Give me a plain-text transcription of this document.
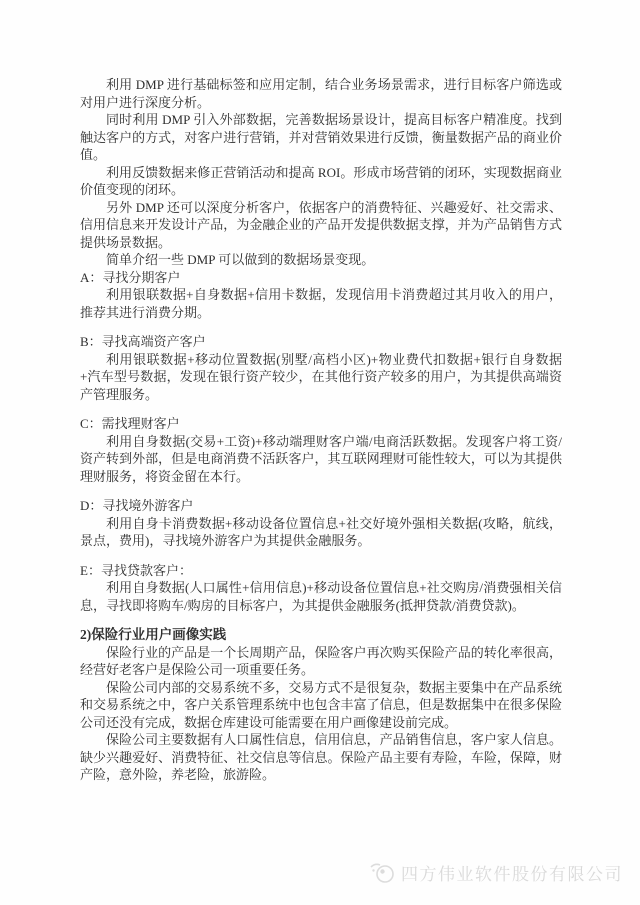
利用 DMP 进行基础标签和应用定制，结合业务场景需求，进行目标客户筛选或对用户进行深度分析。

同时利用 DMP 引入外部数据，完善数据场景设计，提高目标客户精准度。找到触达客户的方式，对客户进行营销，并对营销效果进行反馈，衡量数据产品的商业价值。

利用反馈数据来修正营销活动和提高 ROI。形成市场营销的闭环，实现数据商业价值变现的闭环。

另外 DMP 还可以深度分析客户，依据客户的消费特征、兴趣爱好、社交需求、信用信息来开发设计产品，为金融企业的产品开发提供数据支撑，并为产品销售方式提供场景数据。

简单介绍一些 DMP 可以做到的数据场景变现。

A：寻找分期客户

利用银联数据+自身数据+信用卡数据，发现信用卡消费超过其月收入的用户，推荐其进行消费分期。

B：寻找高端资产客户

利用银联数据+移动位置数据(别墅/高档小区)+物业费代扣数据+银行自身数据+汽车型号数据，发现在银行资产较少，在其他行资产较多的用户，为其提供高端资产管理服务。

C：需找理财客户

利用自身数据(交易+工资)+移动端理财客户端/电商活跃数据。发现客户将工资/资产转到外部，但是电商消费不活跃客户，其互联网理财可能性较大，可以为其提供理财服务，将资金留在本行。

D：寻找境外游客户

利用自身卡消费数据+移动设备位置信息+社交好境外强相关数据(攻略，航线，景点，费用)，寻找境外游客户为其提供金融服务。

E：寻找贷款客户：

利用自身数据(人口属性+信用信息)+移动设备位置信息+社交购房/消费强相关信息，寻找即将购车/购房的目标客户，为其提供金融服务(抵押贷款/消费贷款)。

2)保险行业用户画像实践

保险行业的产品是一个长周期产品，保险客户再次购买保险产品的转化率很高，经营好老客户是保险公司一项重要任务。

保险公司内部的交易系统不多，交易方式不是很复杂，数据主要集中在产品系统和交易系统之中，客户关系管理系统中也包含丰富了信息，但是数据集中在很多保险公司还没有完成，数据仓库建设可能需要在用户画像建设前完成。

保险公司主要数据有人口属性信息，信用信息，产品销售信息，客户家人信息。缺少兴趣爱好、消费特征、社交信息等信息。保险产品主要有寿险，车险，保障，财产险，意外险，养老险，旅游险。

四方伟业软件股份有限公司
